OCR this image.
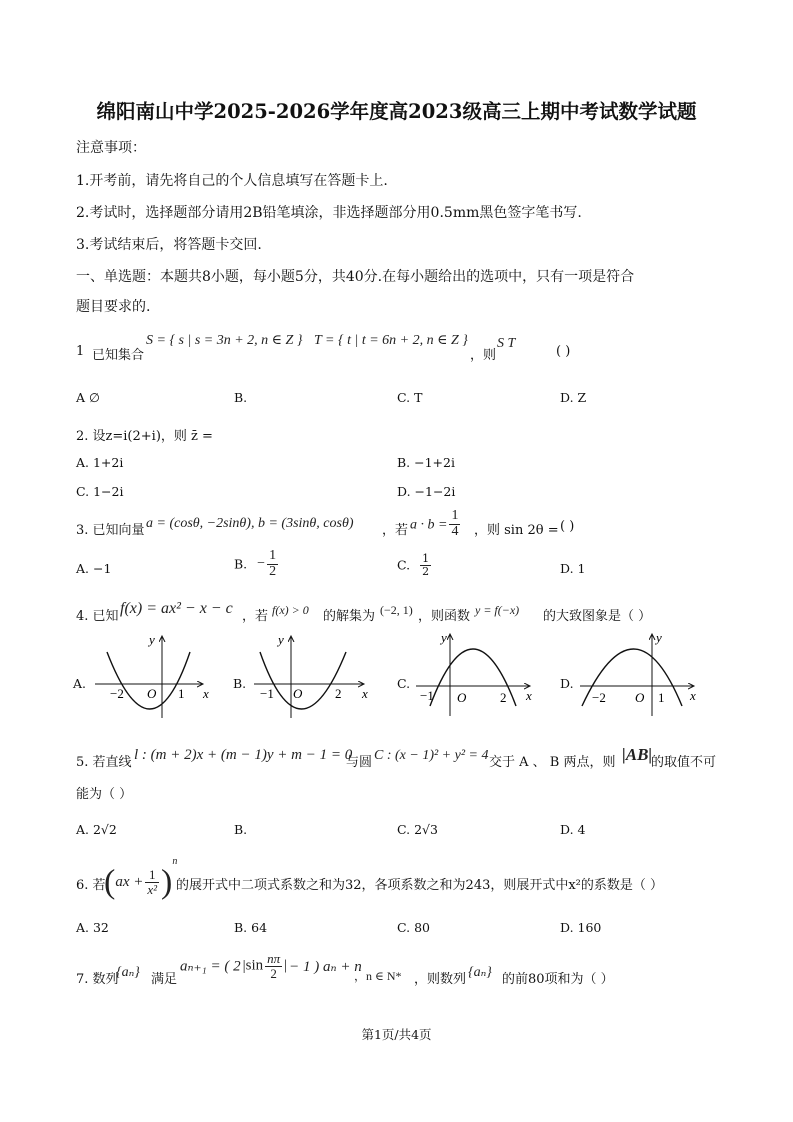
绵阳南山中学2025-2026学年度高2023级高三上期中考试数学试题
注意事项：
1.开考前，请先将自己的个人信息填写在答题卡上.
2.考试时，选择题部分请用2B铅笔填涂，非选择题部分用0.5mm黑色签字笔书写.
3.考试结束后，将答题卡交回.
一、单选题：本题共8小题，每小题5分，共40分.在每小题给出的选项中，只有一项是符合
题目要求的.
1 已知集合
S = { s | s = 3n + 2, n ∈ Z } T = { t | t = 6n + 2, n ∈ Z }
，则
S T
( )
A ∅	B.	C. T	D. Z
2. 设z=i(2+i)，则 z̄ =
A. 1+2i	B. −1+2i
C. 1−2i	D. −1−2i
3. 已知向量 a = (cosθ, −2sinθ), b = (3sinθ, cosθ) ，若 $a \cdot b = \frac{1}{4}$ ，则 sin 2θ = ( )
A. −1	B. − $\frac{1}{2}$	C. $\frac{1}{2}$	D. 1
4. 已知 f(x) = ax² − x − c ，若 f(x) > 0 的解集为 (−2, 1) ，则函数 y = f(−x) 的大致图象是（ ）
A.
x
y
−2 O 1
B.
x
y
−1 O	2
C.
x
y
−1 O	2
D.
x
y
−2 O 1
5. 若直线 l : (m + 2)x + (m − 1)y + m − 1 = 0
与圆 C : (x − 1)² + y² = 4 交于 A 、 B 两点，则 |AB|
的取值不可
能为（ ）
A. 2√2	B.	C. 2√3	D. 4
6. 若
$(ax + \frac{1}{\text{x²}} )^n$
的展开式中二项式系数之和为32，各项系数之和为243，则展开式中x²的系数是（ ）
A. 32	B. 64	C. 80	D. 160
7. 数列
{aₙ} 满足
aₙ₊₁ = ( 2 $|\sin \frac{n\pi}{2}$ | − 1 ) aₙ + n
，n ∈ N* ，则数列 {aₙ} 的前80项和为（ ）
第1页/共4页
